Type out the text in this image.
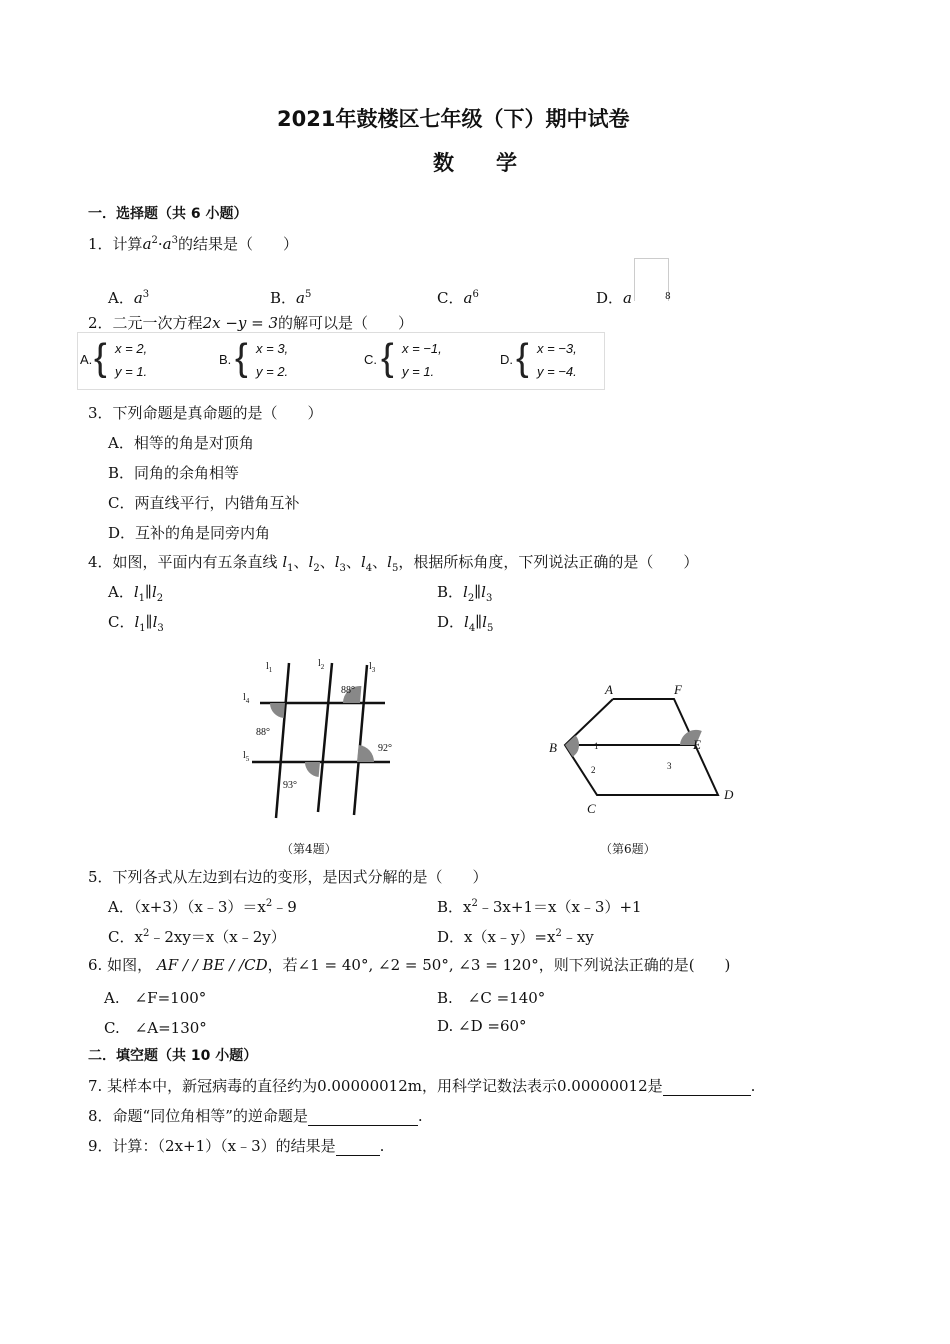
2021年鼓楼区七年级（下）期中试卷
数　　学
一．选择题（共 6 小题）
1．计算$a^2\cdot a^3$的结果是（　　）
A．$a^3$	B．$a^5$	C．$a^6$	D．a	8
2．二元一次方程2x −y = 3的解可以是（　　）
A. { x = 2,
y = 1.
B. { x = 3,
y = 2.
C. { x = −1,
y = 1.
D. { x = −3,
y = −4.
3．下列命题是真命题的是（　　）
A．相等的角是对顶角
B．同角的余角相等
C．两直线平行，内错角互补
D．互补的角是同旁内角
4．如图，平面内有五条直线 $l_1$、$l_2$、$l_3$、$l_4$、$l_5$，根据所标角度，下列说法正确的是（　　）
A．$l_1\parallel l_2$	B．$l_2\parallel l_3$
C．$l_1\parallel l_3$	D．$l_4\parallel l_5$
$l_1$
$l_2$	$l_3$
$l_4$
$l_5$
88°
88°
92°
93°
（第4题）
A	F
B	E
C
D
1
2	3
（第6题）
5．下列各式从左边到右边的变形，是因式分解的是（　　）
A．$(x+3)(x﹣3)=x^2﹣9$	B．$x^2﹣3x+1=x(x﹣3)+1$
C．$x^2﹣2xy=x(x﹣2y)$	D．$x(x﹣y)=x^2﹣xy$
6. 如图， AF / / BE / /CD，若∠1 = 40°, ∠2 = 50°, ∠3 = 120°，则下列说法正确的是(　　)
A.　∠F=100°	B.　∠C =140°
C.　∠A=130°	D. ∠D =60°
二．填空题（共 10 小题）
7. 某样本中，新冠病毒的直径约为0.00000012m，用科学记数法表示0.00000012是	.
8．命题“同位角相等”的逆命题是	.
9．计算：（2x+1）（x﹣3）的结果是	.
